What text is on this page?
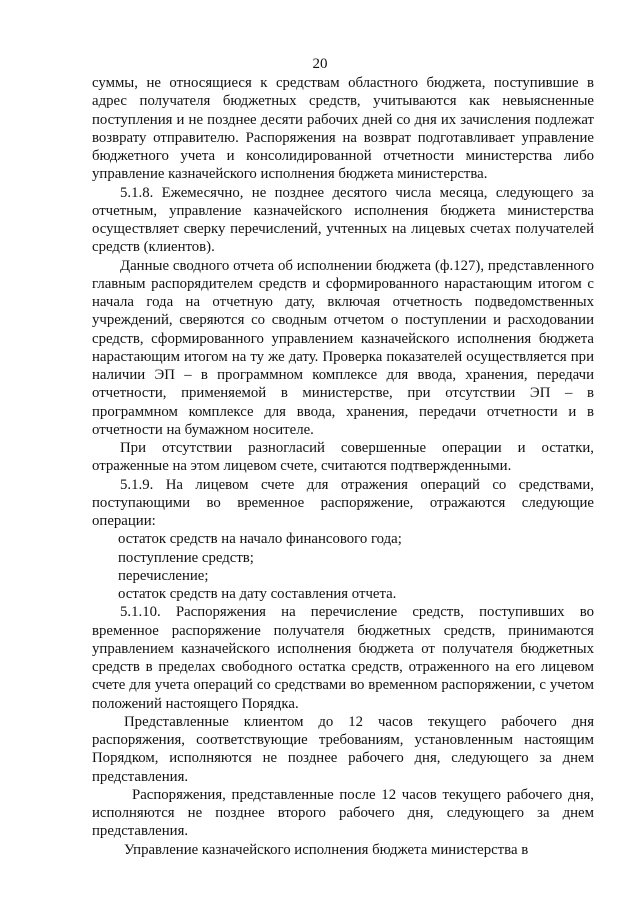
20

суммы, не относящиеся к средствам областного бюджета, поступившие в адрес получателя бюджетных средств, учитываются как невыясненные поступления и не позднее десяти рабочих дней со дня их зачисления подлежат возврату отправителю. Распоряжения на возврат подготавливает управление бюджетного учета и консолидированной отчетности министерства либо управление казначейского исполнения бюджета министерства.

5.1.8. Ежемесячно, не позднее десятого числа месяца, следующего за отчетным, управление казначейского исполнения бюджета министерства осуществляет сверку перечислений, учтенных на лицевых счетах получателей средств (клиентов).

Данные сводного отчета об исполнении бюджета (ф.127), представленного главным распорядителем средств и сформированного нарастающим итогом с начала года на отчетную дату, включая отчетность подведомственных учреждений, сверяются со сводным отчетом о поступлении и расходовании средств, сформированного управлением казначейского исполнения бюджета нарастающим итогом на ту же дату. Проверка показателей осуществляется при наличии ЭП – в программном комплексе для ввода, хранения, передачи отчетности, применяемой в министерстве, при отсутствии ЭП – в программном комплексе для ввода, хранения, передачи отчетности и в отчетности на бумажном носителе.

При отсутствии разногласий совершенные операции и остатки, отраженные на этом лицевом счете, считаются подтвержденными.

5.1.9. На лицевом счете для отражения операций со средствами, поступающими во временное распоряжение, отражаются следующие операции:

остаток средств на начало финансового года;

поступление средств;

перечисление;

остаток средств на дату составления отчета.

5.1.10. Распоряжения на перечисление средств, поступивших во временное распоряжение получателя бюджетных средств, принимаются управлением казначейского исполнения бюджета от получателя бюджетных средств в пределах свободного остатка средств, отраженного на его лицевом счете для учета операций со средствами во временном распоряжении, с учетом положений настоящего Порядка.

Представленные клиентом до 12 часов текущего рабочего дня распоряжения, соответствующие требованиям, установленным настоящим Порядком, исполняются не позднее рабочего дня, следующего за днем представления.

Распоряжения, представленные после 12 часов текущего рабочего дня, исполняются не позднее второго рабочего дня, следующего за днем представления.

Управление казначейского исполнения бюджета министерства в
